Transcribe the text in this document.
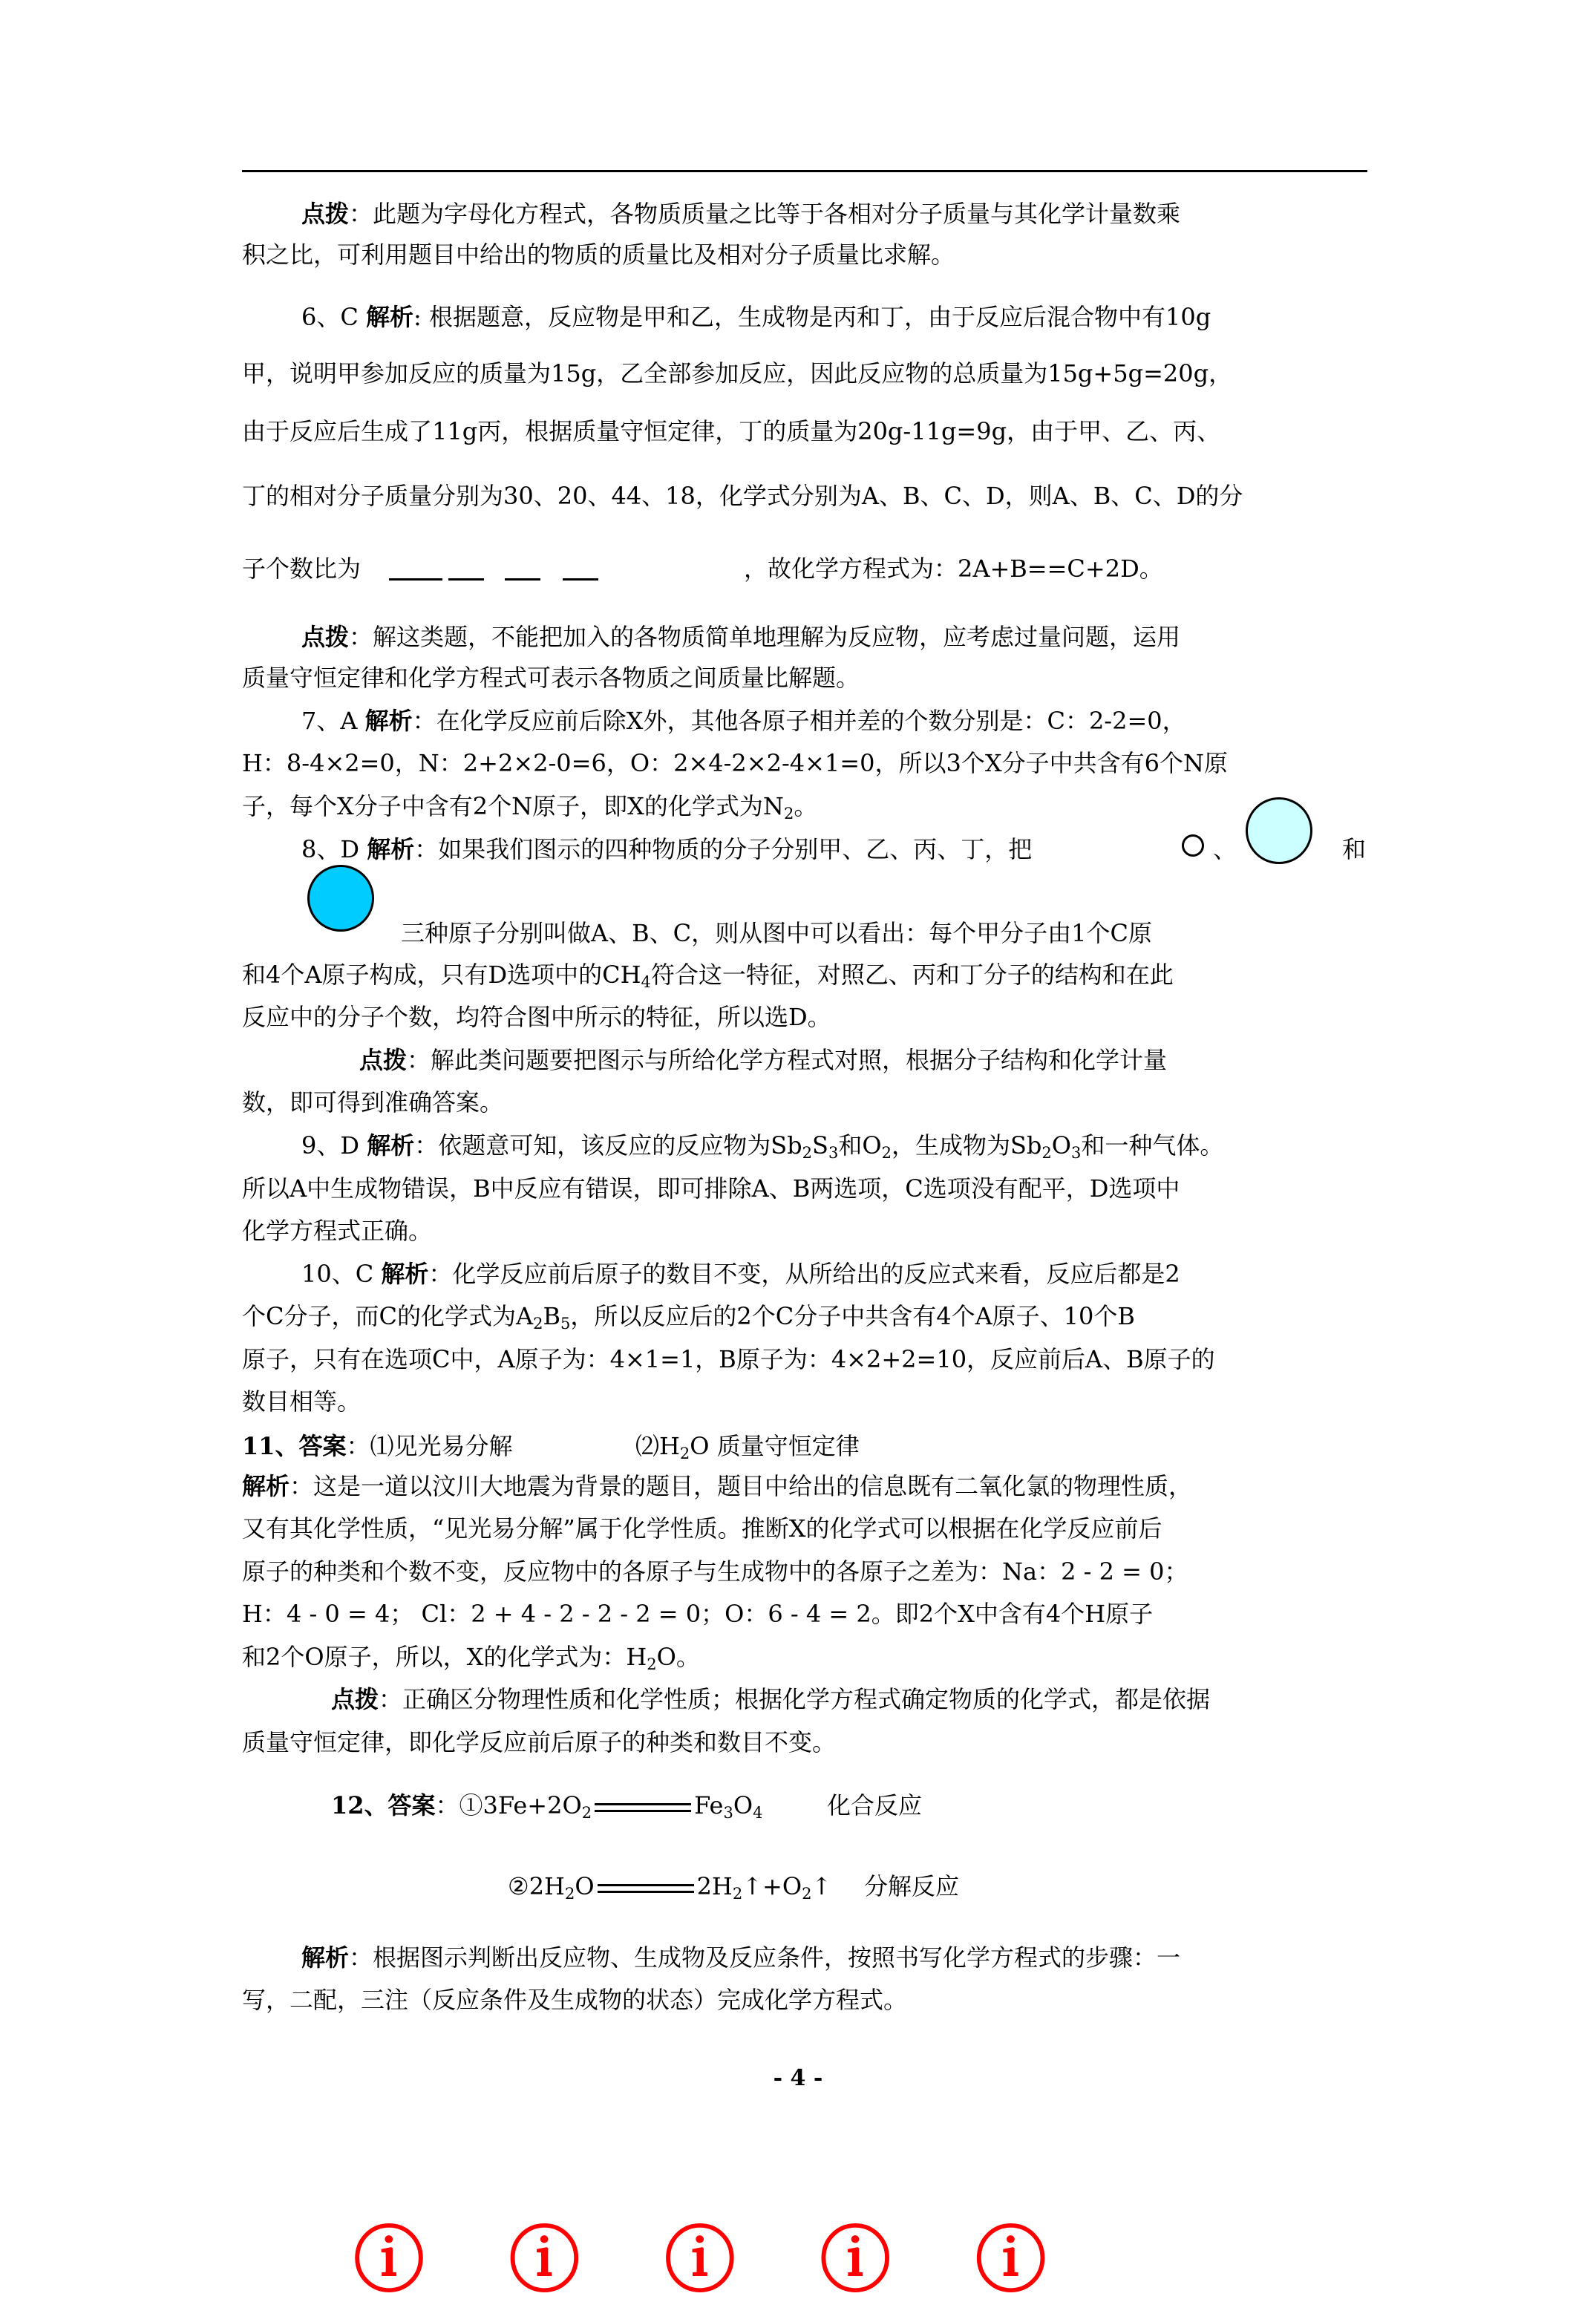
点拨：此题为字母化方程式，各物质质量之比等于各相对分子质量与其化学计量数乘
积之比，可利用题目中给出的物质的质量比及相对分子质量比求解。
6、C 解析: 根据题意，反应物是甲和乙，生成物是丙和丁，由于反应后混合物中有10g
甲，说明甲参加反应的质量为15g，乙全部参加反应，因此反应物的总质量为15g+5g=20g，
由于反应后生成了11g丙，根据质量守恒定律，丁的质量为20g-11g=9g，由于甲、乙、丙、
丁的相对分子质量分别为30、20、44、18，化学式分别为A、B、C、D，则A、B、C、D的分
子个数比为	，故化学方程式为：2A+B==C+2D。
点拨：解这类题，不能把加入的各物质简单地理解为反应物，应考虑过量问题，运用
质量守恒定律和化学方程式可表示各物质之间质量比解题。
7、A 解析：在化学反应前后除X外，其他各原子相并差的个数分别是：C：2-2=0，
H：8-4×2=0，N：2+2×2-0=6，O：2×4-2×2-4×1=0，所以3个X分子中共含有6个N原
子，每个X分子中含有2个N原子，即X的化学式为$N_2$。
8、D 解析：如果我们图示的四种物质的分子分别甲、乙、丙、丁，把	、	和
三种原子分别叫做A、B、C，则从图中可以看出：每个甲分子由1个C原
和4个A原子构成，只有D选项中的$CH_4$符合这一特征，对照乙、丙和丁分子的结构和在此
反应中的分子个数，均符合图中所示的特征，所以选D。
点拨：解此类问题要把图示与所给化学方程式对照，根据分子结构和化学计量
数，即可得到准确答案。
9、D 解析：依题意可知，该反应的反应物为$Sb_2S_3$和$O_2$，生成物为$Sb_2O_3$和一种气体。
所以A中生成物错误，B中反应有错误，即可排除A、B两选项，C选项没有配平，D选项中
化学方程式正确。
10、C 解析：化学反应前后原子的数目不变，从所给出的反应式来看，反应后都是2
个C分子，而C的化学式为$A_2B_5$，所以反应后的2个C分子中共含有4个A原子、10个B
原子，只有在选项C中，A原子为：4×1=1，B原子为：4×2+2=10，反应前后A、B原子的
数目相等。
11、答案：⑴见光易分解	$⑵H_2O$ 质量守恒定律
解析：这是一道以汶川大地震为背景的题目，题目中给出的信息既有二氧化氯的物理性质，
又有其化学性质，“见光易分解”属于化学性质。推断X的化学式可以根据在化学反应前后
原子的种类和个数不变，反应物中的各原子与生成物中的各原子之差为：Na：2 - 2 = 0；
H：4 - 0 = 4； Cl：2 + 4 - 2 - 2 - 2 = 0；O：6 - 4 = 2。即2个X中含有4个H原子
和2个O原子，所以，X的化学式为：$H_2O$。
点拨：正确区分物理性质和化学性质；根据化学方程式确定物质的化学式，都是依据
质量守恒定律，即化学反应前后原子的种类和数目不变。
12、答案：$①3Fe+2O_2$	$Fe_3O_4$	化合反应
$②2H_2O$	$2H_2↑+O_2↑$	分解反应
解析：根据图示判断出反应物、生成物及反应条件，按照书写化学方程式的步骤：一
写，二配，三注（反应条件及生成物的状态）完成化学方程式。
- 4 -
ⓘ ⓘ ⓘ ⓘ ⓘ
